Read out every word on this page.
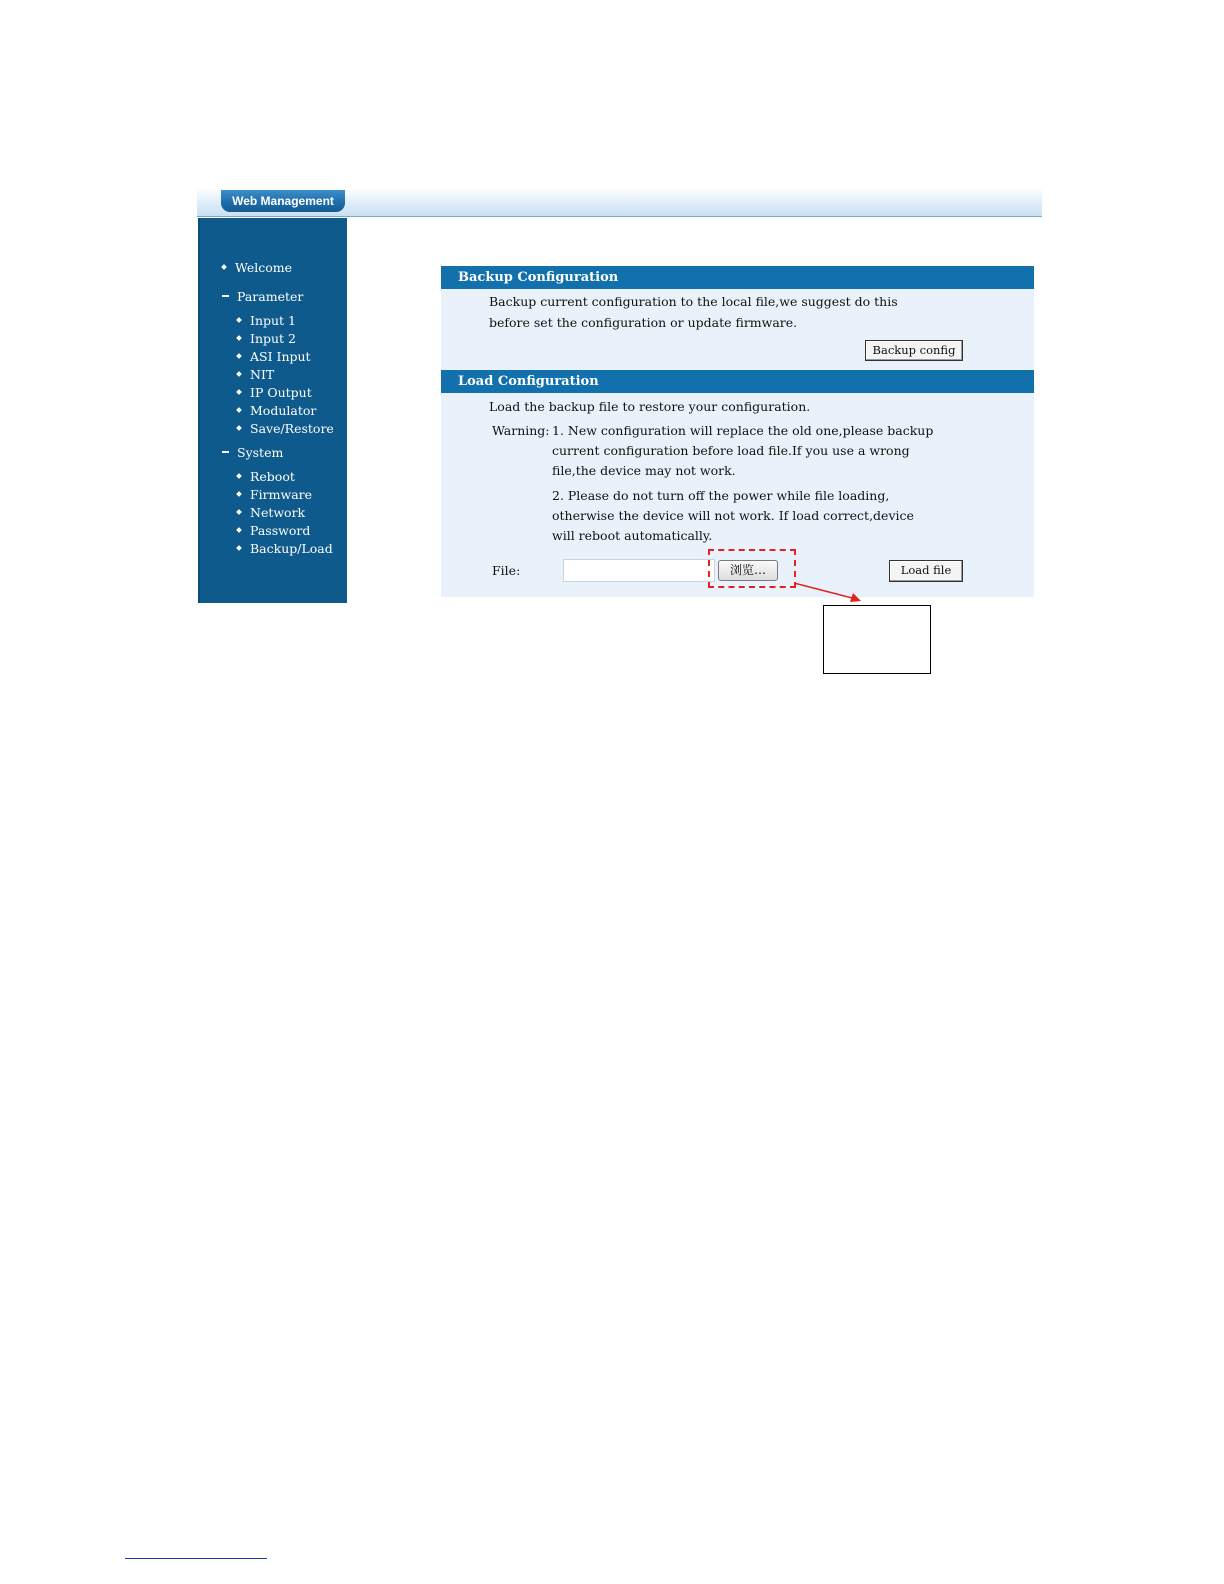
Web Management
Welcome
Parameter
Input 1
Input 2
ASI Input
NIT
IP Output
Modulator
Save/Restore
System
Reboot
Firmware
Network
Password
Backup/Load
Backup Configuration
Backup current configuration to the local file,we suggest do this
before set the configuration or update firmware.
Backup config
Load Configuration
Load the backup file to restore your configuration.
Warning: 1. New configuration will replace the old one,please backup
current configuration before load file.If you use a wrong
file,the device may not work.
2. Please do not turn off the power while file loading,
otherwise the device will not work. If load correct,device
will reboot automatically.
File:	Load file
浏览…
